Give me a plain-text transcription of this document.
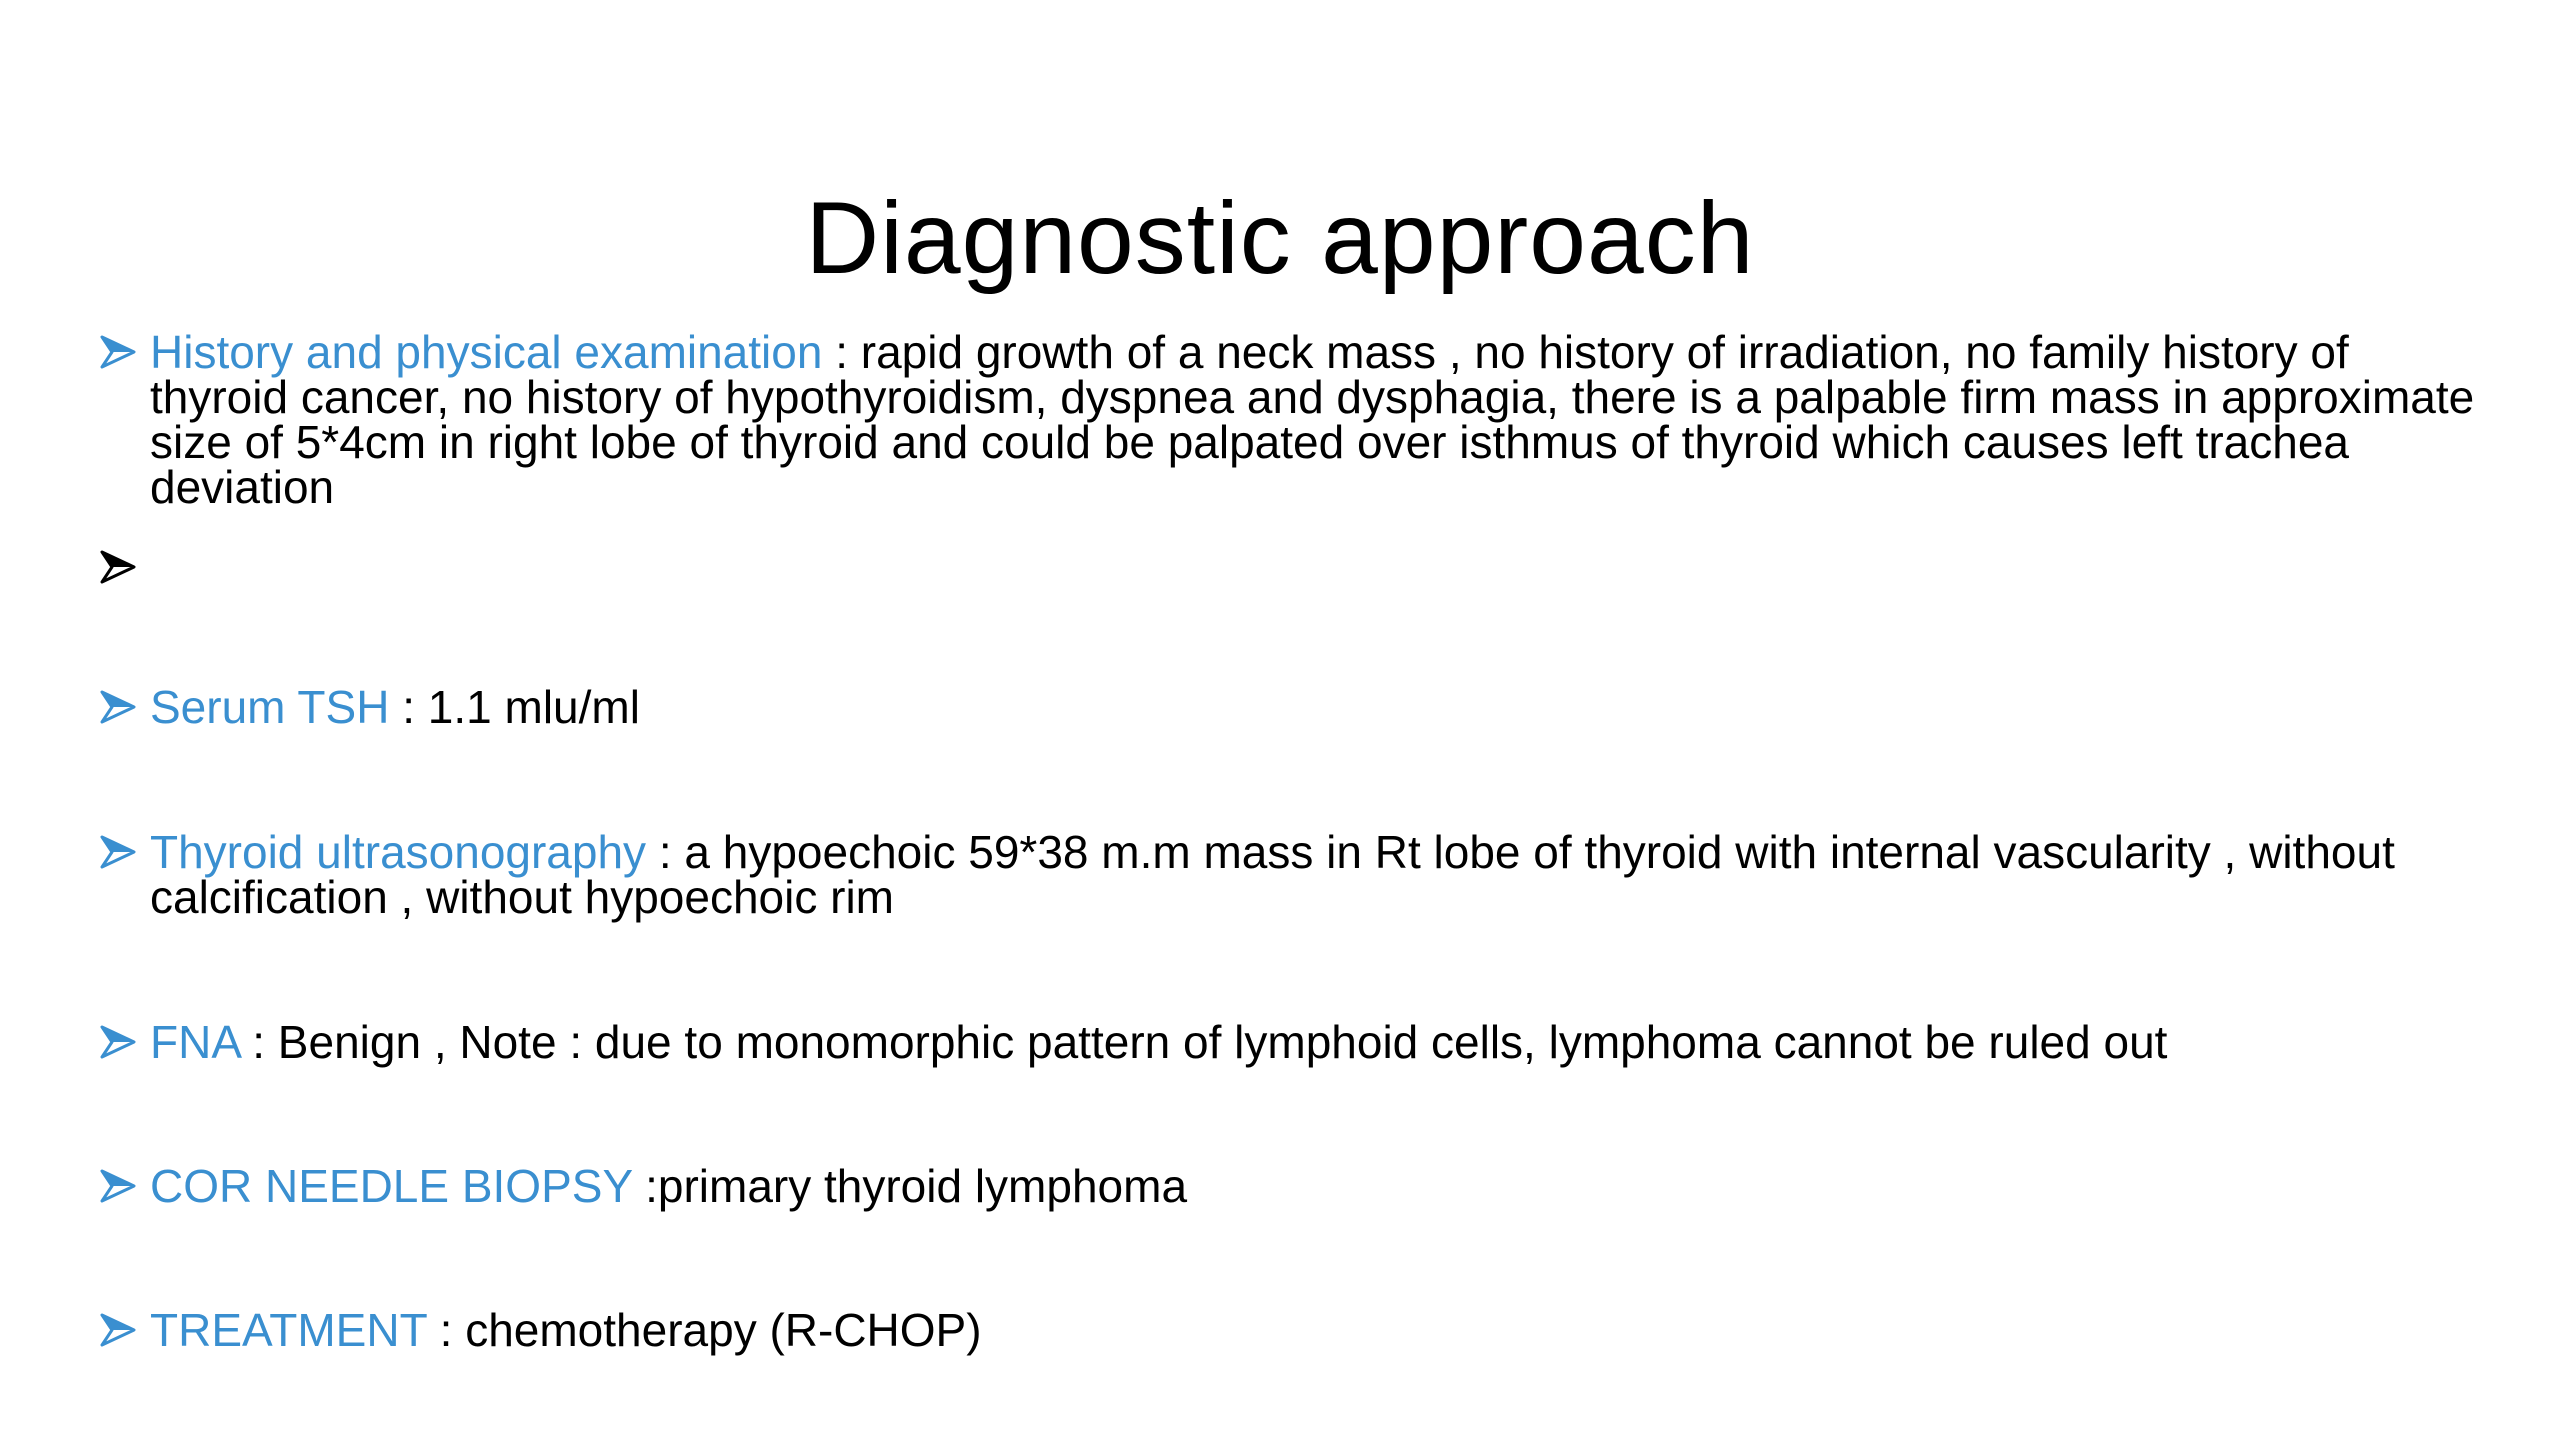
Diagnostic approach
History and physical examination : rapid growth of a neck mass , no history of irradiation, no family history of thyroid cancer, no history of hypothyroidism, dyspnea and dysphagia, there is a palpable firm mass in approximate size of 5*4cm in right lobe of thyroid and could be palpated over isthmus of thyroid which causes left trachea deviation
Serum TSH : 1.1 mlu/ml
Thyroid ultrasonography : a hypoechoic 59*38 m.m mass in Rt lobe of thyroid with internal vascularity , without calcification , without hypoechoic rim
FNA : Benign , Note : due to monomorphic pattern of lymphoid cells, lymphoma cannot be ruled out
COR NEEDLE BIOPSY :primary thyroid lymphoma
TREATMENT : chemotherapy (R-CHOP)
